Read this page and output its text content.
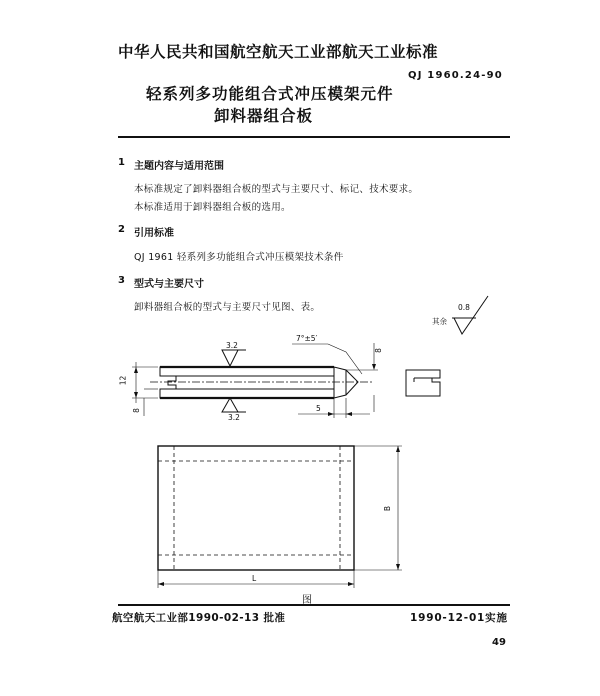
中华人民共和国航空航天工业部航天工业标准
QJ 1960.24-90
轻系列多功能组合式冲压模架元件
卸料器组合板
1 主题内容与适用范围
本标准规定了卸料器组合板的型式与主要尺寸、标记、技术要求。
本标准适用于卸料器组合板的选用。
2 引用标准
QJ 1961 轻系列多功能组合式冲压模架技术条件
3 型式与主要尺寸
卸料器组合板的型式与主要尺寸见图、表。
其余
0.8
3.2
3.2
7°±5′
12
8
8	5
B
L
图
航空航天工业部1990-02-13 批准	1990-12-01实施
49
